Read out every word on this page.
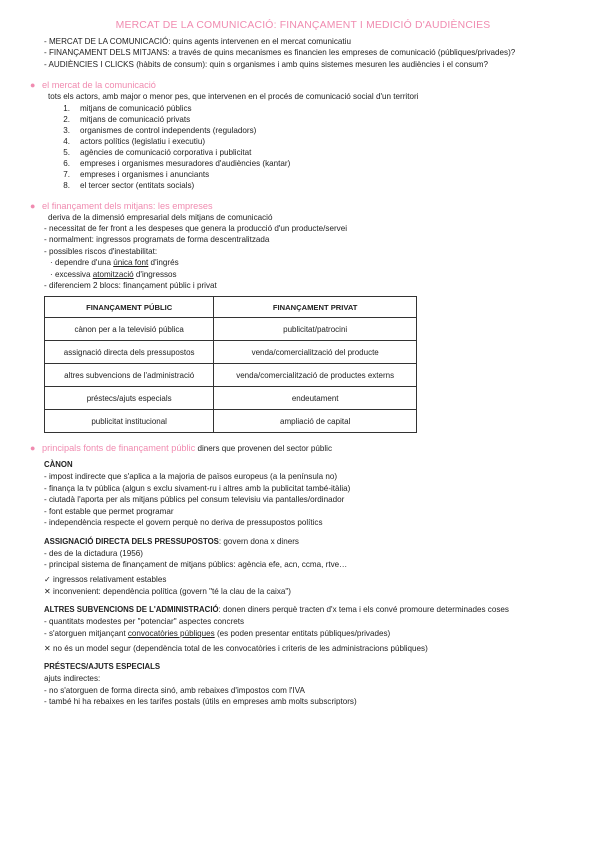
MERCAT DE LA COMUNICACIÓ: FINANÇAMENT I MEDICIÓ D'AUDIÈNCIES
- MERCAT DE LA COMUNICACIÓ: quins agents intervenen en el mercat comunicatiu
- FINANÇAMENT DELS MITJANS: a través de quins mecanismes es financien les empreses de comunicació (públiques/privades)?
- AUDIÈNCIES I CLICKS (hàbits de consum): quin s organismes i amb quins sistemes mesuren les audiències i el consum?
● el mercat de la comunicació
tots els actors, amb major o menor pes, que intervenen en el procés de comunicació social d'un territori
1.	mitjans de comunicació públics
2.	mitjans de comunicació privats
3.	organismes de control independents (reguladors)
4.	actors polítics (legislatiu i executiu)
5.	agències de comunicació corporativa i publicitat
6.	empreses i organismes mesuradores d'audiències (kantar)
7.	empreses i organismes i anunciants
8.	el tercer sector (entitats socials)
● el finançament dels mitjans: les empreses
deriva de la dimensió empresarial dels mitjans de comunicació
- necessitat de fer front a les despeses que genera la producció d'un producte/servei
- normalment: ingressos programats de forma descentralitzada
- possibles riscos d'inestabilitat:
· dependre d'una única font d'ingrés
· excessiva atomització d'ingressos
- diferenciem 2 blocs: finançament públic i privat
FINANÇAMENT PÚBLIC	FINANÇAMENT PRIVAT
cànon per a la televisió pública	publicitat/patrocini
assignació directa dels pressupostos	venda/comercialització del producte
altres subvencions de l'administració	venda/comercialització de productes externs
préstecs/ajuts especials	endeutament
publicitat institucional	ampliació de capital
● principals fonts de finançament públic diners que provenen del sector públic
CÀNON
- impost indirecte que s'aplica a la majoria de països europeus (a la península no)
- finança la tv pública (algun s exclu sivament-ru i altres amb la publicitat també-itàlia)
- ciutadà l'aporta per als mitjans públics pel consum televisiu via pantalles/ordinador
- font estable que permet programar
- independència respecte el govern perquè no deriva de pressupostos polítics
ASSIGNACIÓ DIRECTA DELS PRESSUPOSTOS: govern dona x diners
- des de la dictadura (1956)
- principal sistema de finançament de mitjans públics: agència efe, acn, ccma, rtve…
✓ ingressos relativament estables
✕ inconvenient: dependència política (govern "té la clau de la caixa")
ALTRES SUBVENCIONS DE L'ADMINISTRACIÓ: donen diners perquè tracten d'x tema i els convé promoure determinades coses
- quantitats modestes per "potenciar" aspectes concrets
- s'atorguen mitjançant convocatòries públiques (es poden presentar entitats públiques/privades)
✕ no és un model segur (dependència total de les convocatòries i criteris de les administracions públiques)
PRÉSTECS/AJUTS ESPECIALS
ajuts indirectes:
- no s'atorguen de forma directa sinó, amb rebaixes d'impostos com l'IVA
- també hi ha rebaixes en les tarifes postals (útils en empreses amb molts subscriptors)
